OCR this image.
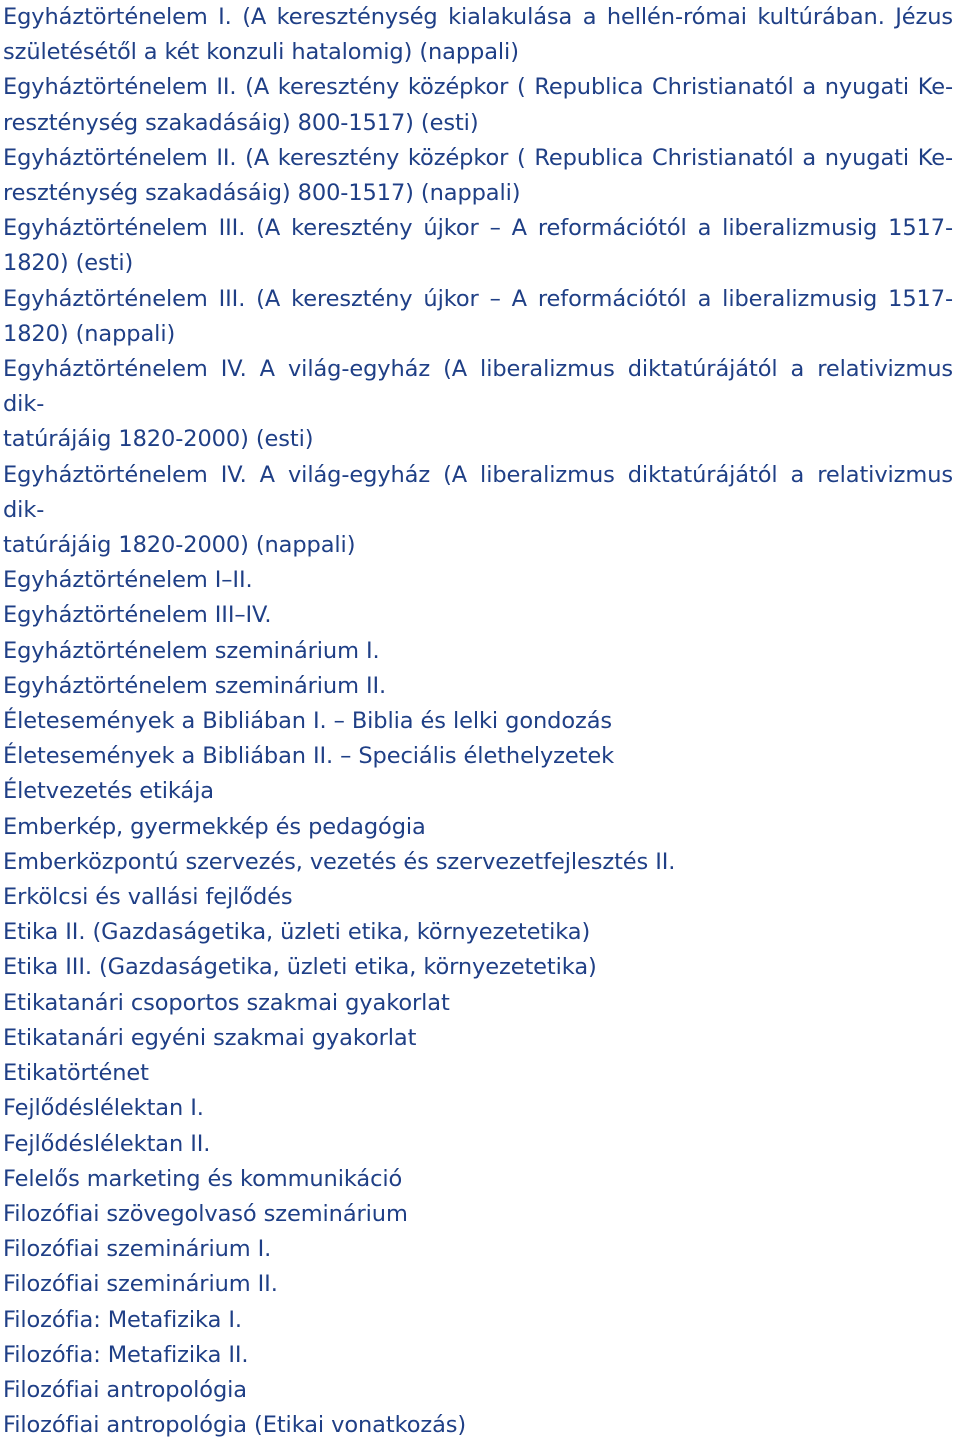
Egyháztörténelem I. (A kereszténység kialakulása a hellén-római kultúrában. Jézus
születésétől a két konzuli hatalomig) (nappali)
Egyháztörténelem II. (A keresztény középkor ( Republica Christianatól a nyugati Ke-
reszténység szakadásáig) 800-1517) (esti)
Egyháztörténelem II. (A keresztény középkor ( Republica Christianatól a nyugati Ke-
reszténység szakadásáig) 800-1517) (nappali)
Egyháztörténelem III. (A keresztény újkor – A reformációtól a liberalizmusig 1517-
1820) (esti)
Egyháztörténelem III. (A keresztény újkor – A reformációtól a liberalizmusig 1517-
1820) (nappali)
Egyháztörténelem IV. A világ-egyház (A liberalizmus diktatúrájától a relativizmus dik-
tatúrájáig 1820-2000) (esti)
Egyháztörténelem IV. A világ-egyház (A liberalizmus diktatúrájától a relativizmus dik-
tatúrájáig 1820-2000) (nappali)
Egyháztörténelem I–II.
Egyháztörténelem III–IV.
Egyháztörténelem szeminárium I.
Egyháztörténelem szeminárium II.
Életesemények a Bibliában I. – Biblia és lelki gondozás
Életesemények a Bibliában II. – Speciális élethelyzetek
Életvezetés etikája
Emberkép, gyermekkép és pedagógia
Emberközpontú szervezés, vezetés és szervezetfejlesztés II.
Erkölcsi és vallási fejlődés
Etika II. (Gazdaságetika, üzleti etika, környezetetika)
Etika III. (Gazdaságetika, üzleti etika, környezetetika)
Etikatanári csoportos szakmai gyakorlat
Etikatanári egyéni szakmai gyakorlat
Etikatörténet
Fejlődéslélektan I.
Fejlődéslélektan II.
Felelős marketing és kommunikáció
Filozófiai szövegolvasó szeminárium
Filozófiai szeminárium I.
Filozófiai szeminárium II.
Filozófia: Metafizika I.
Filozófia: Metafizika II.
Filozófiai antropológia
Filozófiai antropológia (Etikai vonatkozás)
